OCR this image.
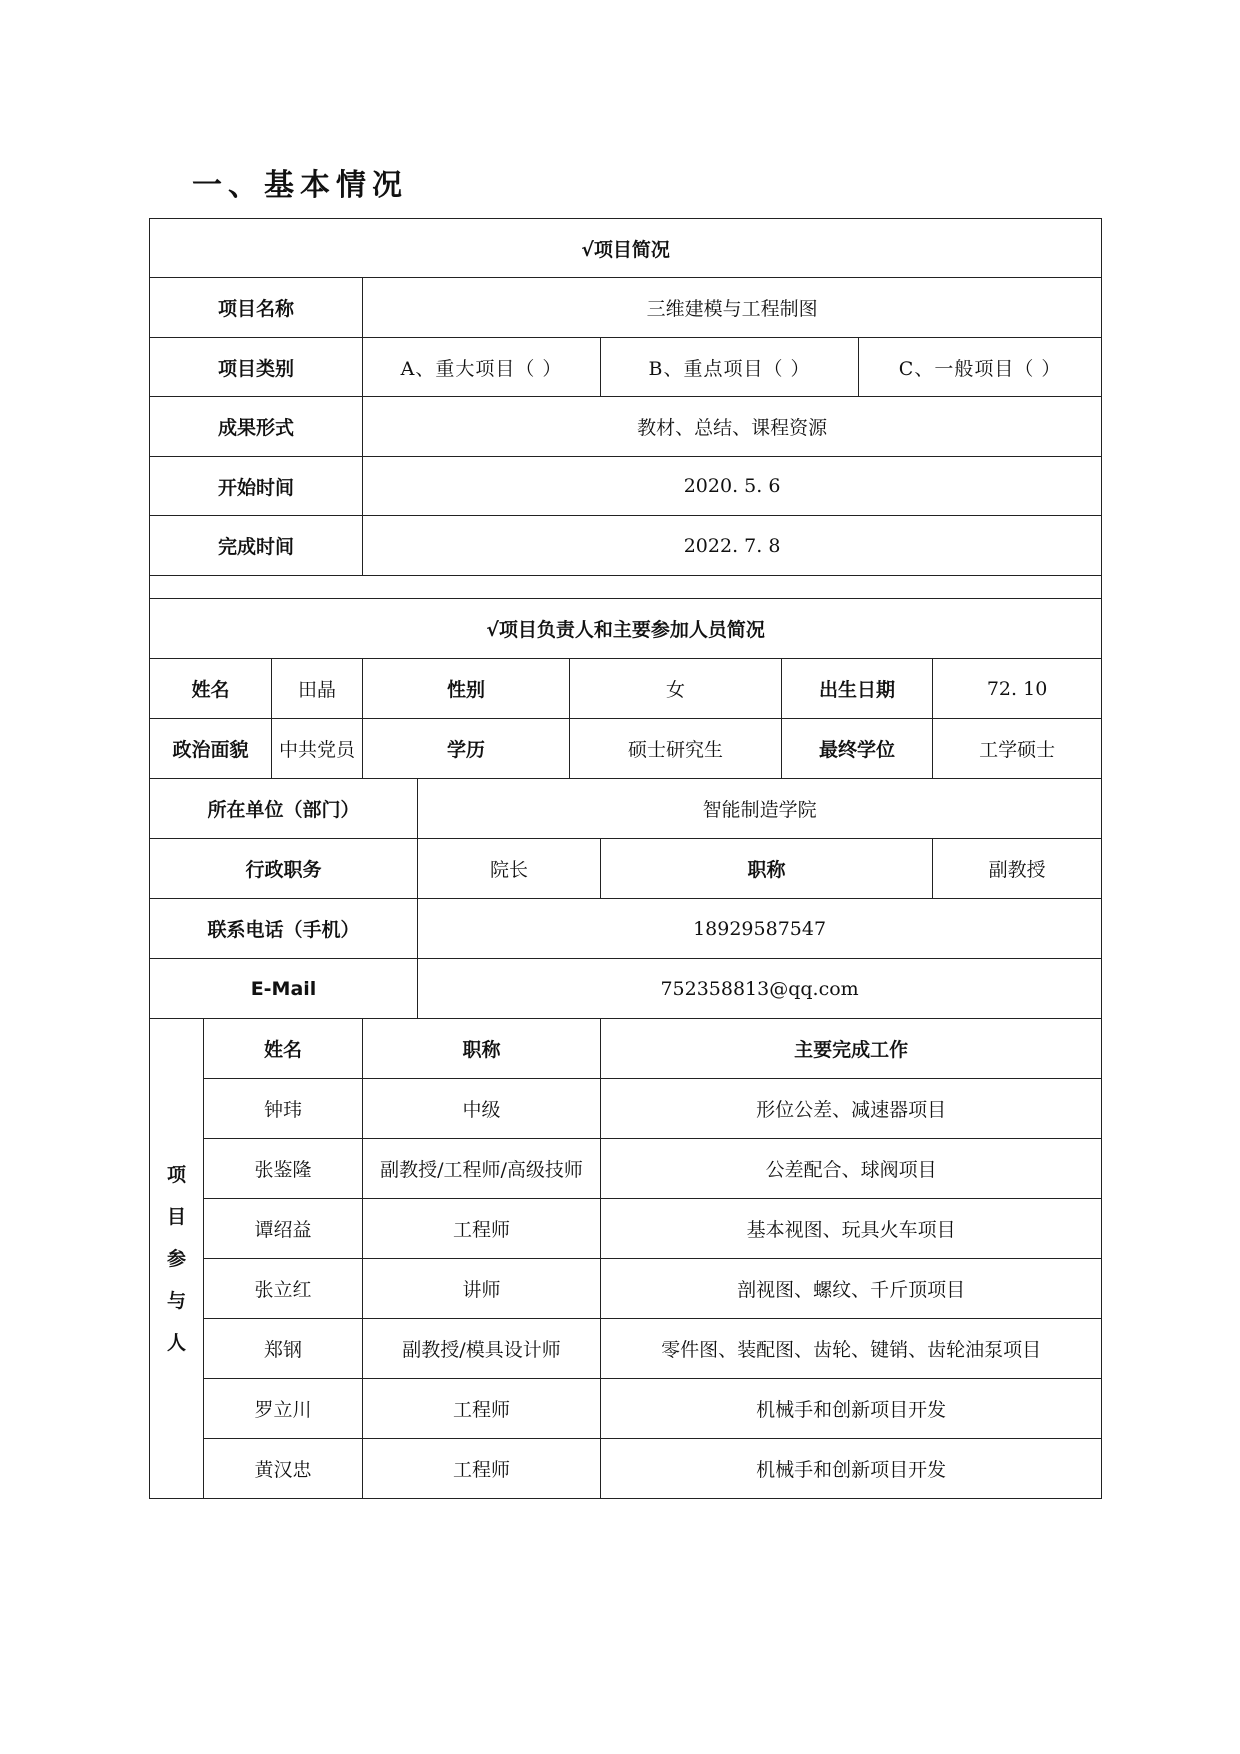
一、基本情况
√项目简况									
项目名称			三维建模与工程制图						
项目类别			A、重大项目（ ）			B、重点项目（ ）		C、一般项目（ ）	
成果形式			教材、总结、课程资源						
开始时间			2020. 5. 6						
完成时间			2022. 7. 8						

√项目负责人和主要参加人员简况									
姓名		田晶	性别		女		出生日期		72. 10
政治面貌		中共党员	学历		硕士研究生		最终学位		工学硕士
所在单位（部门）				智能制造学院					
行政职务				院长		职称			副教授
联系电话（手机）				18929587547					
E-Mail				752358813@qq.com					

项
目
参
与
人	姓名		职称			主要完成工作			
	钟玮		中级			形位公差、减速器项目			
	张鉴隆		副教授/工程师/高级技师			公差配合、球阀项目			
	谭绍益		工程师			基本视图、玩具火车项目			
	张立红		讲师			剖视图、螺纹、千斤顶项目			
	郑钢		副教授/模具设计师			零件图、装配图、齿轮、键销、齿轮油泵项目			
	罗立川		工程师			机械手和创新项目开发			
	黄汉忠		工程师			机械手和创新项目开发			
